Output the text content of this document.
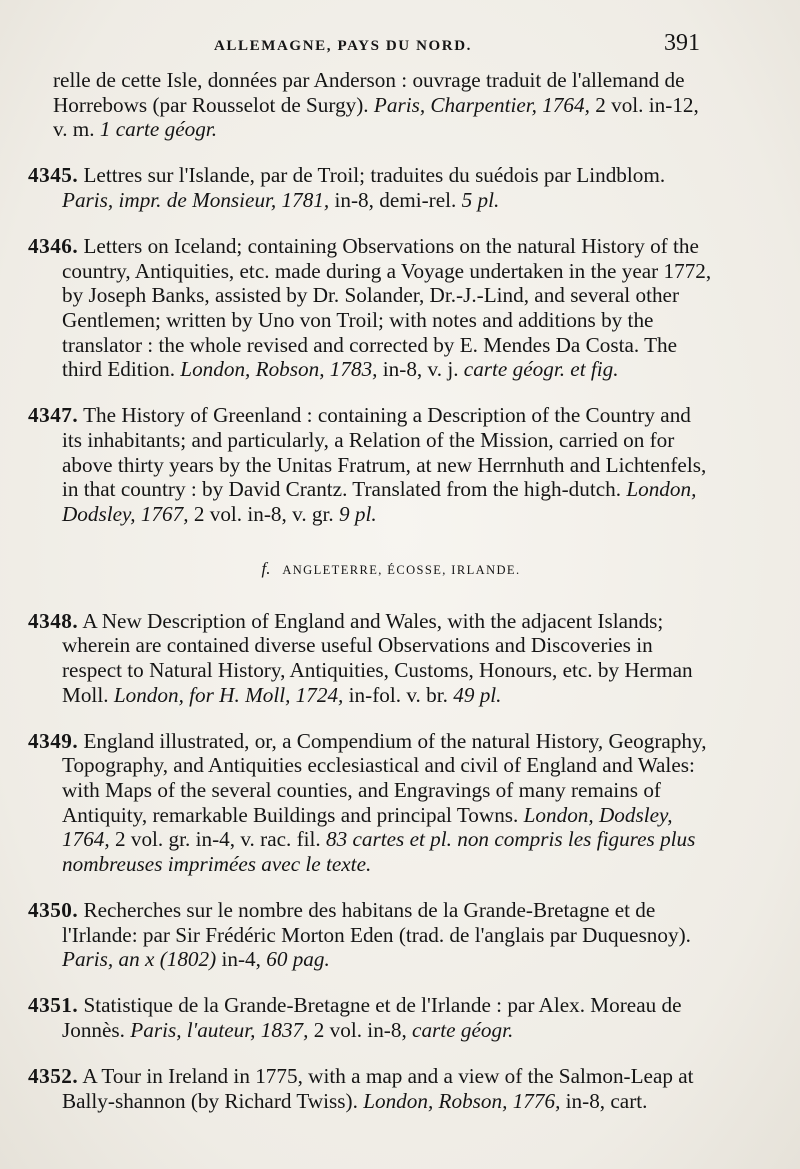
ALLEMAGNE, PAYS DU NORD.	391

relle de cette Isle, données par Anderson : ouvrage traduit de l'allemand de Horrebows (par Rousselot de Surgy). Paris, Charpentier, 1764, 2 vol. in-12, v. m. 1 carte géogr.

4345. Lettres sur l'Islande, par de Troil; traduites du suédois par Lindblom. Paris, impr. de Monsieur, 1781, in-8, demi-rel. 5 pl.

4346. Letters on Iceland; containing Observations on the natural History of the country, Antiquities, etc. made during a Voyage undertaken in the year 1772, by Joseph Banks, assisted by Dr. Solander, Dr.-J.-Lind, and several other Gentlemen; written by Uno von Troil; with notes and additions by the translator : the whole revised and corrected by E. Mendes Da Costa. The third Edition. London, Robson, 1783, in-8, v. j. carte géogr. et fig.

4347. The History of Greenland : containing a Description of the Country and its inhabitants; and particularly, a Relation of the Mission, carried on for above thirty years by the Unitas Fratrum, at new Herrnhuth and Lichtenfels, in that country : by David Crantz. Translated from the high-dutch. London, Dodsley, 1767, 2 vol. in-8, v. gr. 9 pl.

f. ANGLETERRE, ÉCOSSE, IRLANDE.

4348. A New Description of England and Wales, with the adjacent Islands; wherein are contained diverse useful Observations and Discoveries in respect to Natural History, Antiquities, Customs, Honours, etc. by Herman Moll. London, for H. Moll, 1724, in-fol. v. br. 49 pl.

4349. England illustrated, or, a Compendium of the natural History, Geography, Topography, and Antiquities ecclesiastical and civil of England and Wales: with Maps of the several counties, and Engravings of many remains of Antiquity, remarkable Buildings and principal Towns. London, Dodsley, 1764, 2 vol. gr. in-4, v. rac. fil. 83 cartes et pl. non compris les figures plus nombreuses imprimées avec le texte.

4350. Recherches sur le nombre des habitans de la Grande-Bretagne et de l'Irlande: par Sir Frédéric Morton Eden (trad. de l'anglais par Duquesnoy). Paris, an x (1802) in-4, 60 pag.

4351. Statistique de la Grande-Bretagne et de l'Irlande : par Alex. Moreau de Jonnès. Paris, l'auteur, 1837, 2 vol. in-8, carte géogr.

4352. A Tour in Ireland in 1775, with a map and a view of the Salmon-Leap at Bally-shannon (by Richard Twiss). London, Robson, 1776, in-8, cart.
